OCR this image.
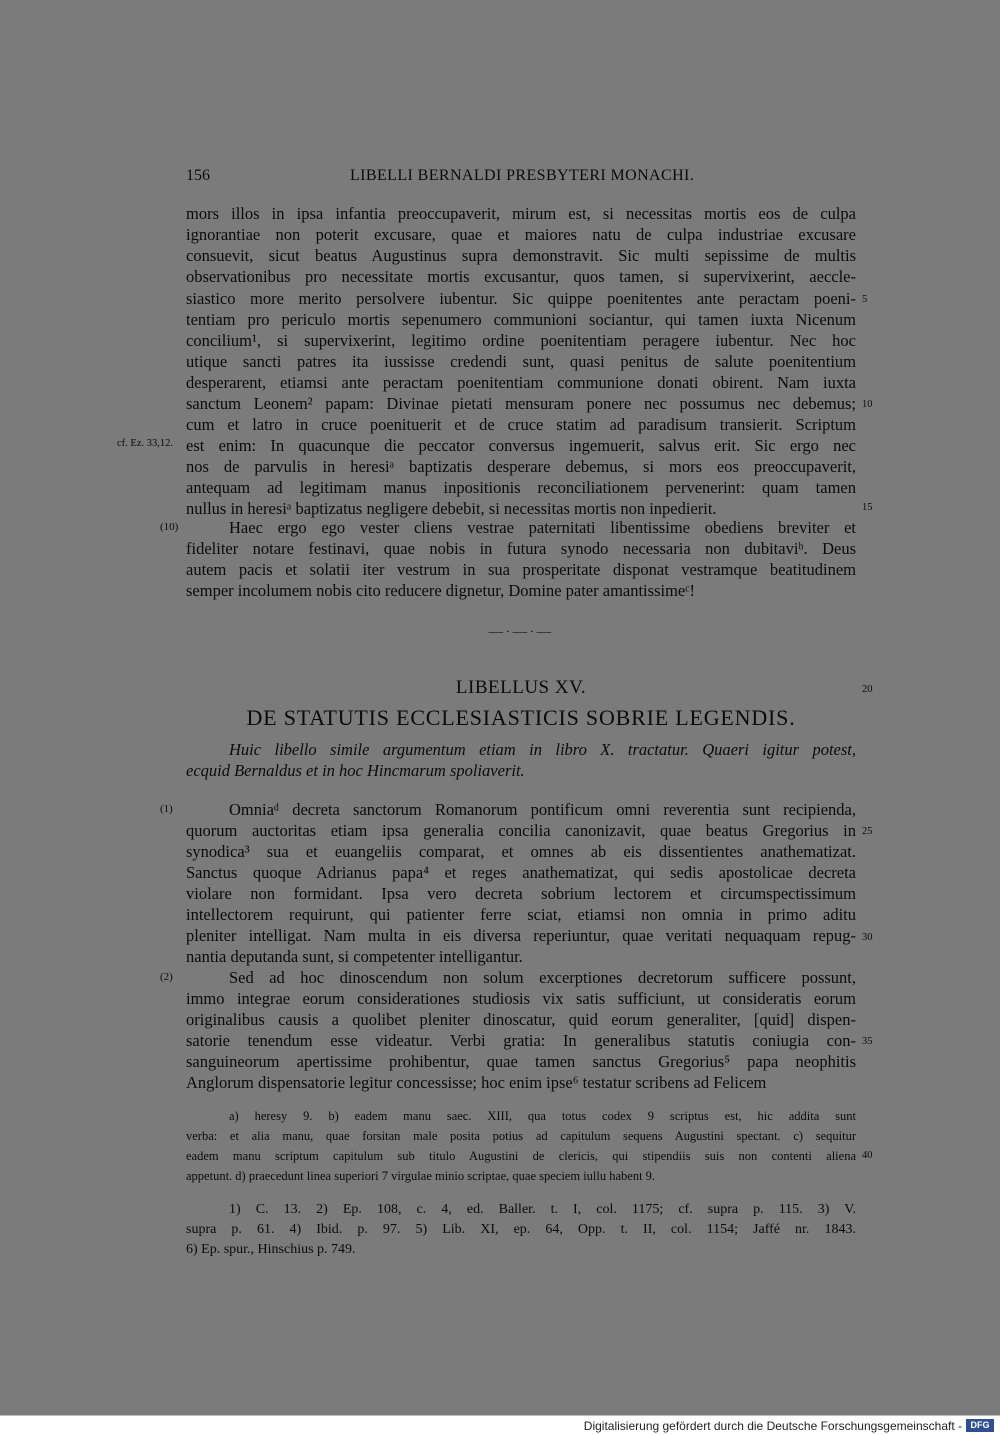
156	LIBELLI BERNALDI PRESBYTERI MONACHI.
mors illos in ipsa infantia preoccupaverit, mirum est, si necessitas mortis eos de culpa
ignorantiae non poterit excusare, quae et maiores natu de culpa industriae excusare
consuevit, sicut beatus Augustinus supra demonstravit. Sic multi sepissime de multis
observationibus pro necessitate mortis excusantur, quos tamen, si supervixerint, aeccle-
siastico more merito persolvere iubentur. Sic quippe poenitentes ante peractam poeni-
tentiam pro periculo mortis sepenumero communioni sociantur, qui tamen iuxta Nicenum
concilium¹, si supervixerint, legitimo ordine poenitentiam peragere iubentur. Nec hoc
utique sancti patres ita iussisse credendi sunt, quasi penitus de salute poenitentium
desperarent, etiamsi ante peractam poenitentiam communione donati obirent. Nam iuxta
sanctum Leonem² papam: Divinae pietati mensuram ponere nec possumus nec debemus;
cum et latro in cruce poenituerit et de cruce statim ad paradisum transierit. Scriptum
est enim: In quacunque die peccator conversus ingemuerit, salvus erit. Sic ergo nec
nos de parvulis in heresiᵃ baptizatis desperare debemus, si mors eos preoccupaverit,
antequam ad legitimam manus inpositionis reconciliationem pervenerint: quam tamen
nullus in heresiᵃ baptizatus negligere debebit, si necessitas mortis non inpedierit.
cf. Ez. 33,12.
5
10
15
(10)	Haec ergo ego vester cliens vestrae paternitati libentissime obediens breviter et
fideliter notare festinavi, quae nobis in futura synodo necessaria non dubitaviᵇ. Deus
autem pacis et solatii iter vestrum in sua prosperitate disponat vestramque beatitudinem
semper incolumem nobis cito reducere dignetur, Domine pater amantissimeᶜ!
—·—·—
LIBELLUS XV.	20
DE STATUTIS ECCLESIASTICIS SOBRIE LEGENDIS.
Huic libello simile argumentum etiam in libro X. tractatur. Quaeri igitur potest,
ecquid Bernaldus et in hoc Hincmarum spoliaverit.
(1)	Omniaᵈ decreta sanctorum Romanorum pontificum omni reverentia sunt recipienda,
quorum auctoritas etiam ipsa generalia concilia canonizavit, quae beatus Gregorius in
synodica³ sua et euangeliis comparat, et omnes ab eis dissentientes anathematizat.
Sanctus quoque Adrianus papa⁴ et reges anathematizat, qui sedis apostolicae decreta
violare non formidant. Ipsa vero decreta sobrium lectorem et circumspectissimum
intellectorem requirunt, qui patienter ferre sciat, etiamsi non omnia in primo aditu
pleniter intelligat. Nam multa in eis diversa reperiuntur, quae veritati nequaquam repug-
nantia deputanda sunt, si competenter intelligantur.
25
30
(2)	Sed ad hoc dinoscendum non solum excerptiones decretorum sufficere possunt,
immo integrae eorum considerationes studiosis vix satis sufficiunt, ut consideratis eorum
originalibus causis a quolibet pleniter dinoscatur, quid eorum generaliter, [quid] dispen-
satorie tenendum esse videatur. Verbi gratia: In generalibus statutis coniugia con-
sanguineorum apertissime prohibentur, quae tamen sanctus Gregorius⁵ papa neophitis
Anglorum dispensatorie legitur concessisse; hoc enim ipse⁶ testatur scribens ad Felicem
35
a) heresy 9. b) eadem manu saec. XIII, qua totus codex 9 scriptus est, hic addita sunt
verba: et alia manu, quae forsitan male posita potius ad capitulum sequens Augustini spectant. c) sequitur
eadem manu scriptum capitulum sub titulo Augustini de clericis, qui stipendiis suis non contenti aliena
appetunt. d) praecedunt linea superiori 7 virgulae minio scriptae, quae speciem iullu habent 9.
40
1) C. 13. 2) Ep. 108, c. 4, ed. Baller. t. I, col. 1175; cf. supra p. 115. 3) V.
supra p. 61. 4) Ibid. p. 97. 5) Lib. XI, ep. 64, Opp. t. II, col. 1154; Jaffé nr. 1843.
6) Ep. spur., Hinschius p. 749.
Digitalisierung gefördert durch die Deutsche Forschungsgemeinschaft - DFG
